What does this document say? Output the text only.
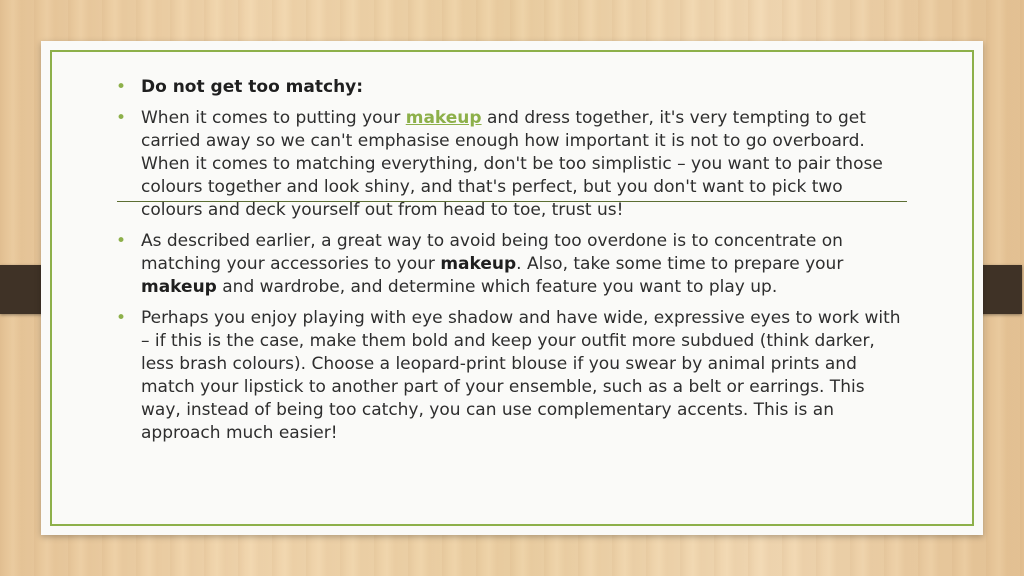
• Do not get too matchy:
• When it comes to putting your makeup and dress together, it's very tempting to get carried away so we can't emphasise enough how important it is not to go overboard. When it comes to matching everything, don't be too simplistic – you want to pair those colours together and look shiny, and that's perfect, but you don't want to pick two colours and deck yourself out from head to toe, trust us!
• As described earlier, a great way to avoid being too overdone is to concentrate on matching your accessories to your makeup. Also, take some time to prepare your makeup and wardrobe, and determine which feature you want to play up.
• Perhaps you enjoy playing with eye shadow and have wide, expressive eyes to work with – if this is the case, make them bold and keep your outfit more subdued (think darker, less brash colours). Choose a leopard-print blouse if you swear by animal prints and match your lipstick to another part of your ensemble, such as a belt or earrings. This way, instead of being too catchy, you can use complementary accents. This is an approach much easier!
